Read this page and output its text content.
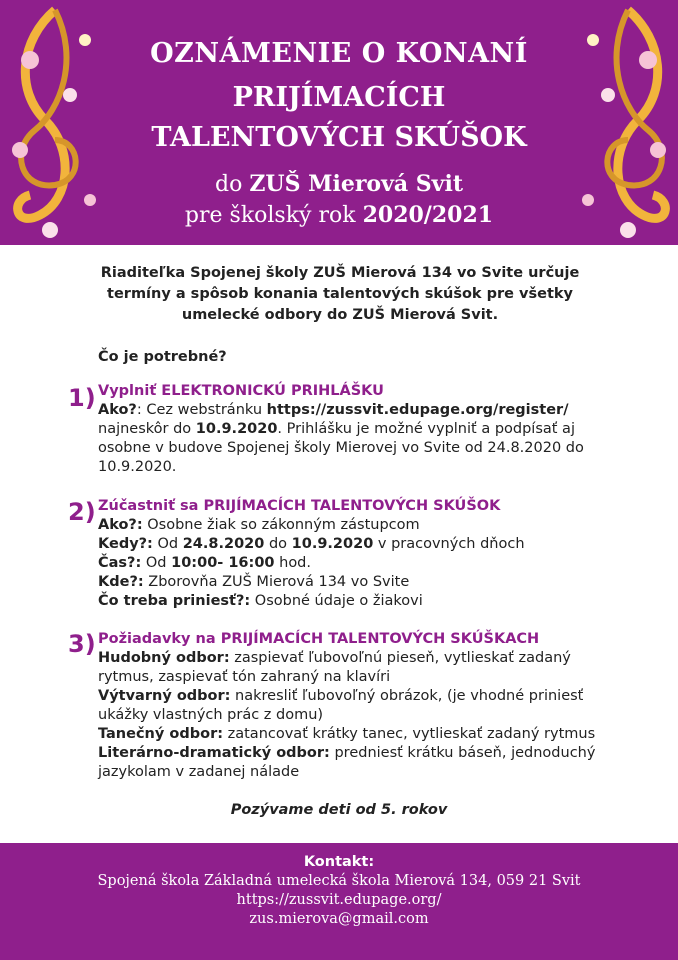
OZNÁMENIE O KONANÍ
PRIJÍMACÍCH
TALENTOVÝCH SKÚŠOK
do ZUŠ Mierová Svit
pre školský rok 2020/2021
Riaditeľka Spojenej školy ZUŠ Mierová 134 vo Svite určuje
termíny a spôsob konania talentových skúšok pre všetky
umelecké odbory do ZUŠ Mierová Svit.
Čo je potrebné?
1) Vyplniť ELEKTRONICKÚ PRIHLÁŠKU

Ako?: Cez webstránku https://zussvit.edupage.org/register/

najneskôr do 10.9.2020. Prihlášku je možné vyplniť a podpísať aj

osobne v budove Spojenej školy Mierovej vo Svite od 24.8.2020 do

10.9.2020.

2) Zúčastniť sa PRIJÍMACÍCH TALENTOVÝCH SKÚŠOK

Ako?: Osobne žiak so zákonným zástupcom

Kedy?: Od 24.8.2020 do 10.9.2020 v pracovných dňoch

Čas?: Od 10:00- 16:00 hod.

Kde?: Zborovňa ZUŠ Mierová 134 vo Svite

Čo treba priniesť?: Osobné údaje o žiakovi

3) Požiadavky na PRIJÍMACÍCH TALENTOVÝCH SKÚŠKACH

Hudobný odbor: zaspievať ľubovoľnú pieseň, vytlieskať zadaný

rytmus, zaspievať tón zahraný na klavíri

Výtvarný odbor: nakresliť ľubovoľný obrázok, (je vhodné priniesť

ukážky vlastných prác z domu)

Tanečný odbor: zatancovať krátky tanec, vytlieskať zadaný rytmus

Literárno-dramatický odbor: predniesť krátku báseň, jednoduchý

jazykolam v zadanej nálade

Pozývame deti od 5. rokov
Kontakt:
Spojená škola Základná umelecká škola Mierová 134, 059 21 Svit
https://zussvit.edupage.org/
zus.mierova@gmail.com
